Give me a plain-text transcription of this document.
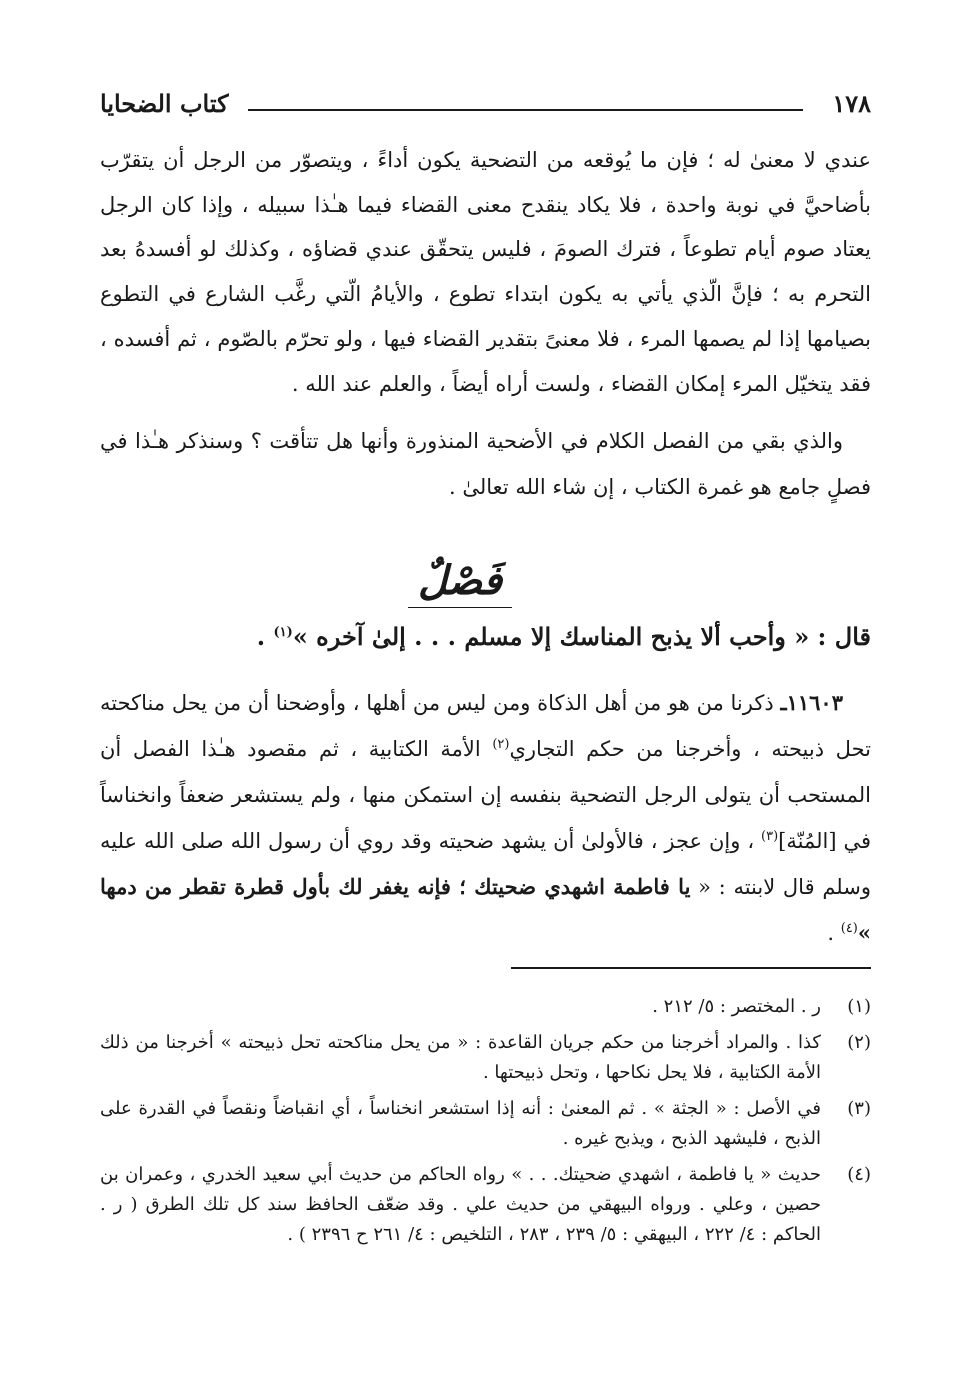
١٧٨
كتاب الضحايا

عندي لا معنىٰ له ؛ فإن ما يُوقعه من التضحية يكون أداءً ، ويتصوّر من الرجل أن يتقرّب بأضاحيَّ في نوبة واحدة ، فلا يكاد ينقدح معنى القضاء فيما هـٰذا سبيله ، وإذا كان الرجل يعتاد صوم أيام تطوعاً ، فترك الصومَ ، فليس يتحقّق عندي قضاؤه ، وكذلك لو أفسدهُ بعد التحرم به ؛ فإنَّ الّذي يأتي به يكون ابتداء تطوع ، والأيامُ الّتي رغَّب الشارع في التطوع بصيامها إذا لم يصمها المرء ، فلا معنىً بتقدير القضاء فيها ، ولو تحرّم بالصّوم ، ثم أفسده ، فقد يتخيّل المرء إمكان القضاء ، ولست أراه أيضاً ، والعلم عند الله .

والذي بقي من الفصل الكلام في الأضحية المنذورة وأنها هل تتأقت ؟ وسنذكر هـٰذا في فصلٍ جامع هو غمرة الكتاب ، إن شاء الله تعالىٰ .

فَصْلٌ
قال : « وأحب ألا يذبح المناسك إلا مسلم . . . إلىٰ آخره »$^{(١)}$ .

١١٦٠٣ـ ذكرنا من هو من أهل الذكاة ومن ليس من أهلها ، وأوضحنا أن من يحل مناكحته تحل ذبيحته ، وأخرجنا من حكم التجاري$^{(٢)}$ الأمة الكتابية ، ثم مقصود هـٰذا الفصل أن المستحب أن يتولى الرجل التضحية بنفسه إن استمكن منها ، ولم يستشعر ضعفاً وانخناساً في [المُنّة]$^{(٣)}$ ، وإن عجز ، فالأولىٰ أن يشهد ضحيته وقد روي أن رسول الله صلى الله عليه وسلم قال لابنته : « يا فاطمة اشهدي ضحيتك ؛ فإنه يغفر لك بأول قطرة تقطر من دمها »$^{(٤)}$ .

(١)
ر . المختصر : ٥/ ٢١٢ .

(٢)
كذا . والمراد أخرجنا من حكم جريان القاعدة : « من يحل مناكحته تحل ذبيحته » أخرجنا من ذلك الأمة الكتابية ، فلا يحل نكاحها ، وتحل ذبيحتها .

(٣)
في الأصل : « الجثة » . ثم المعنىٰ : أنه إذا استشعر انخناساً ، أي انقباضاً ونقصاً في القدرة على الذبح ، فليشهد الذبح ، ويذبح غيره .

(٤)
حديث « يا فاطمة ، اشهدي ضحيتك. . . » رواه الحاكم من حديث أبي سعيد الخدري ، وعمران بن حصين ، وعلي . ورواه البيهقي من حديث علي . وقد ضعّف الحافظ سند كل تلك الطرق ( ر . الحاكم : ٤/ ٢٢٢ ، البيهقي : ٥/ ٢٣٩ ، ٢٨٣ ، التلخيص : ٤/ ٢٦١ ح ٢٣٩٦ ) .
